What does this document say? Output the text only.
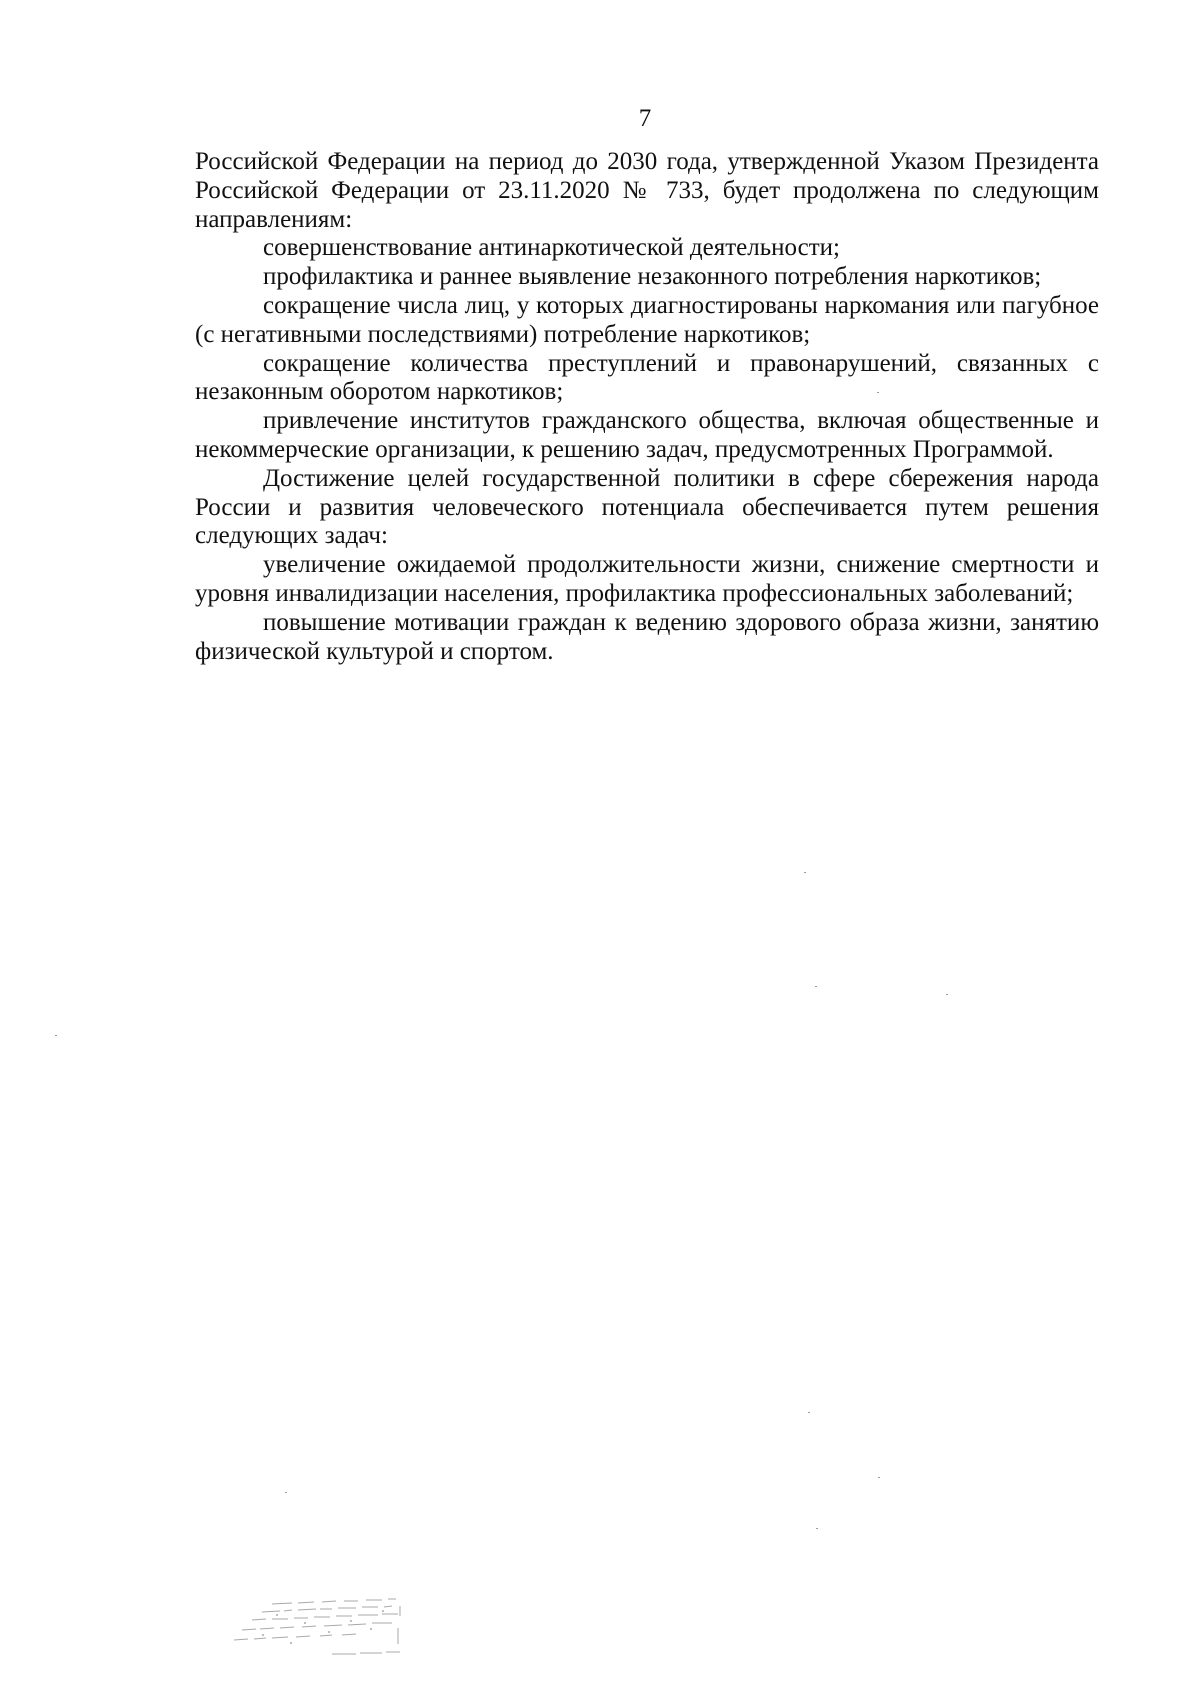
7

Российской Федерации на период до 2030 года, утвержденной Указом Президента Российской Федерации от 23.11.2020 № 733, будет продолжена по следующим направлениям:

совершенствование антинаркотической деятельности;

профилактика и раннее выявление незаконного потребления наркотиков;

сокращение числа лиц, у которых диагностированы наркомания или пагубное (с негативными последствиями) потребление наркотиков;

сокращение количества преступлений и правонарушений, связанных с незаконным оборотом наркотиков;

привлечение институтов гражданского общества, включая общественные и некоммерческие организации, к решению задач, предусмотренных Программой.

Достижение целей государственной политики в сфере сбережения народа России и развития человеческого потенциала обеспечивается путем решения следующих задач:

увеличение ожидаемой продолжительности жизни, снижение смертности и уровня инвалидизации населения, профилактика профессиональных заболеваний;

повышение мотивации граждан к ведению здорового образа жизни, занятию физической культурой и спортом.
